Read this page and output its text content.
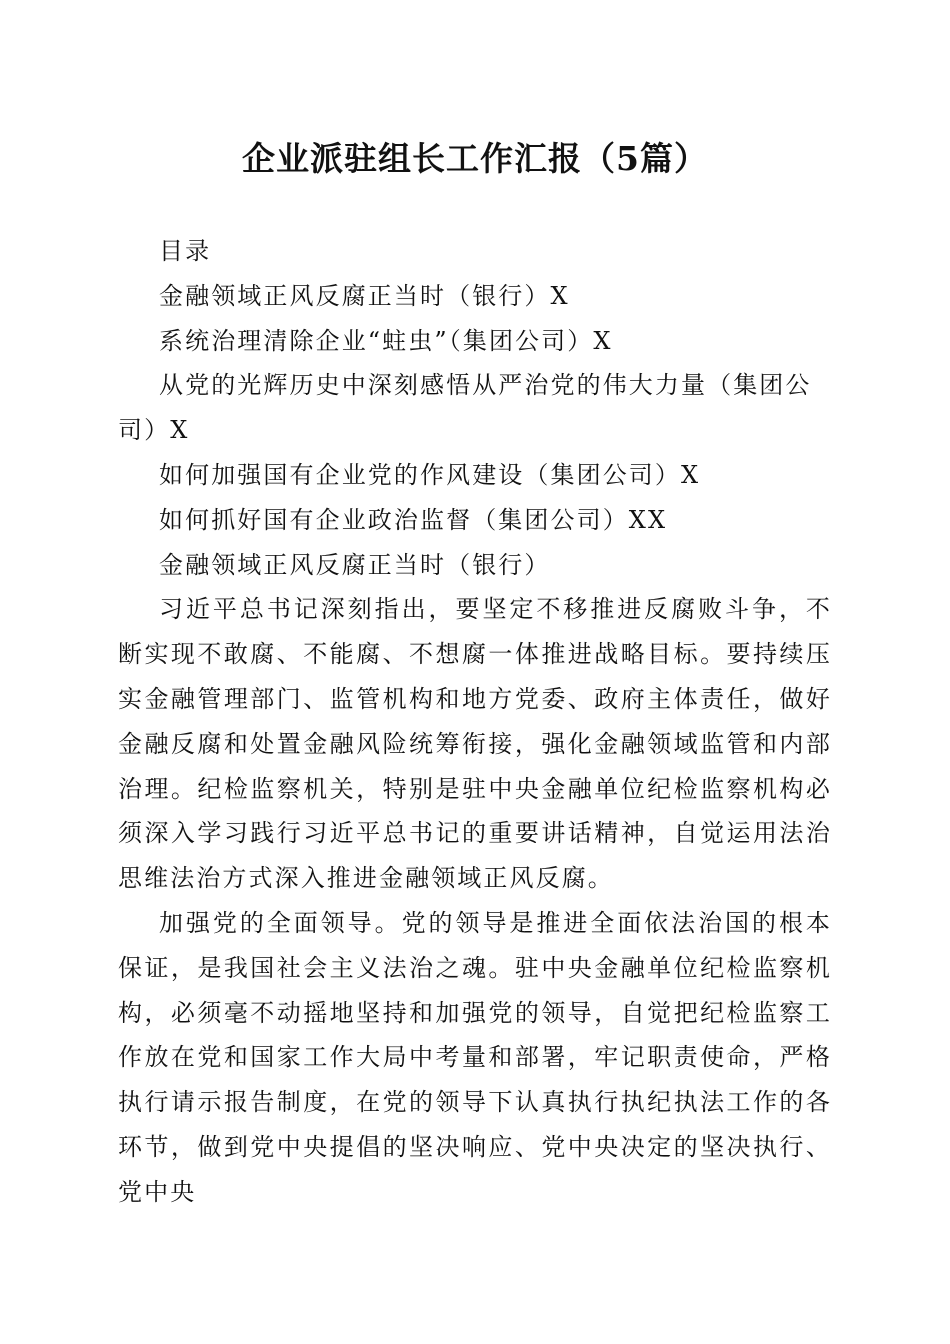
企业派驻组长工作汇报（5篇）

目录

金融领域正风反腐正当时（银行）X

系统治理清除企业“蛀虫”（集团公司）X

从党的光辉历史中深刻感悟从严治党的伟大力量（集团公司）X

如何加强国有企业党的作风建设（集团公司）X

如何抓好国有企业政治监督（集团公司）XX

金融领域正风反腐正当时（银行）

习近平总书记深刻指出，要坚定不移推进反腐败斗争，不断实现不敢腐、不能腐、不想腐一体推进战略目标。要持续压实金融管理部门、监管机构和地方党委、政府主体责任，做好金融反腐和处置金融风险统筹衔接，强化金融领域监管和内部治理。纪检监察机关，特别是驻中央金融单位纪检监察机构必须深入学习践行习近平总书记的重要讲话精神，自觉运用法治思维法治方式深入推进金融领域正风反腐。

加强党的全面领导。党的领导是推进全面依法治国的根本保证，是我国社会主义法治之魂。驻中央金融单位纪检监察机构，必须毫不动摇地坚持和加强党的领导，自觉把纪检监察工作放在党和国家工作大局中考量和部署，牢记职责使命，严格执行请示报告制度，在党的领导下认真执行执纪执法工作的各环节，做到党中央提倡的坚决响应、党中央决定的坚决执行、党中央
